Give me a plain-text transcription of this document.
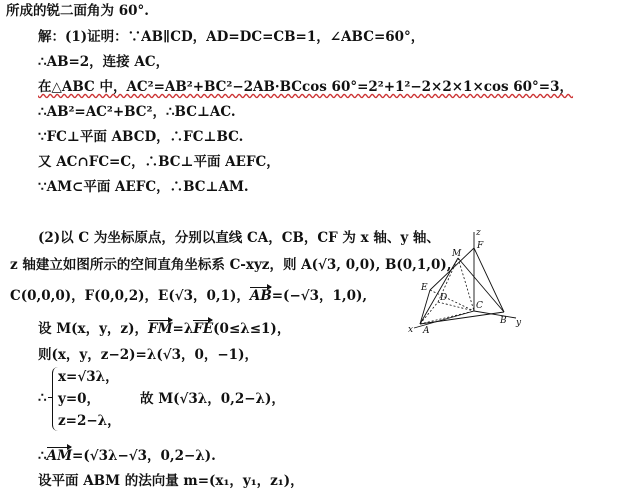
所成的锐二面角为 60°.
解：(1)证明：∵AB∥CD，AD=DC=CB=1，∠ABC=60°，
∴AB=2，连接 AC，
在△ABC 中，AC²=AB²+BC²−2AB·BCcos 60°=2²+1²−2×2×1×cos 60°=3，
∴AB²=AC²+BC²，∴BC⊥AC.
∵FC⊥平面 ABCD，∴FC⊥BC.
又 AC∩FC=C，∴BC⊥平面 AEFC，
∵AM⊂平面 AEFC，∴BC⊥AM.
(2)以 C 为坐标原点，分别以直线 CA，CB，CF 为 x 轴、y 轴、
z 轴建立如图所示的空间直角坐标系 C-xyz，则 A(√3, 0,0), B(0,1,0),
C(0,0,0)，F(0,0,2)，E(√3，0,1)，AB=(−√3，1,0),
设 M(x，y，z)，FM=λFE(0≤λ≤1)，
则(x，y，z−2)=λ(√3，0，−1)，
∴
x=√3λ，
y=0，
z=2−λ，
故 M(√3λ，0,2−λ)，
∴AM=(√3λ−√3，0,2−λ).
设平面 ABM 的法向量 m=(x₁，y₁，z₁)，
z
F
M
E
D
C
A
B y
x
